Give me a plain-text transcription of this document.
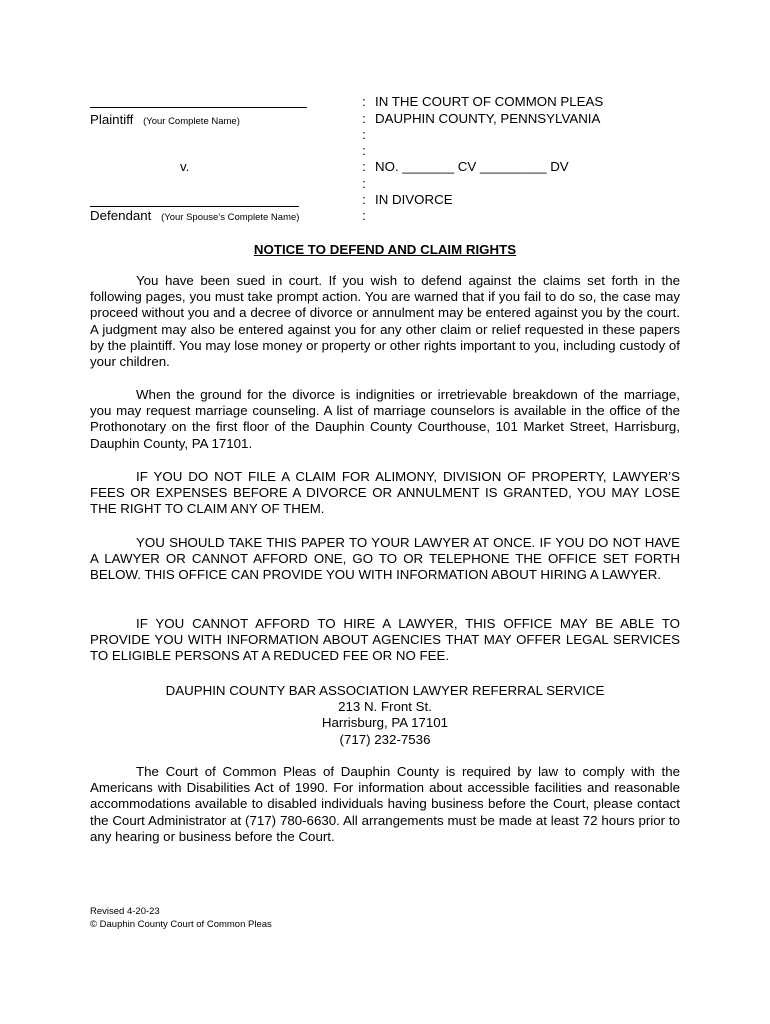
Plaintiff (Your Complete Name)
v.
Defendant (Your Spouse’s Complete Name)
:
:
:
:
:
:
:
:
IN THE COURT OF COMMON PLEAS
DAUPHIN COUNTY, PENNSYLVANIA
NO. _______ CV _________ DV
IN DIVORCE
NOTICE TO DEFEND AND CLAIM RIGHTS
You have been sued in court. If you wish to defend against the claims set forth in the following pages, you must take prompt action. You are warned that if you fail to do so, the case may proceed without you and a decree of divorce or annulment may be entered against you by the court. A judgment may also be entered against you for any other claim or relief requested in these papers by the plaintiff. You may lose money or property or other rights important to you, including custody of your children.
When the ground for the divorce is indignities or irretrievable breakdown of the marriage, you may request marriage counseling. A list of marriage counselors is available in the office of the Prothonotary on the first floor of the Dauphin County Courthouse, 101 Market Street, Harrisburg, Dauphin County, PA 17101.
IF YOU DO NOT FILE A CLAIM FOR ALIMONY, DIVISION OF PROPERTY, LAWYER’S FEES OR EXPENSES BEFORE A DIVORCE OR ANNULMENT IS GRANTED, YOU MAY LOSE THE RIGHT TO CLAIM ANY OF THEM.
YOU SHOULD TAKE THIS PAPER TO YOUR LAWYER AT ONCE. IF YOU DO NOT HAVE A LAWYER OR CANNOT AFFORD ONE, GO TO OR TELEPHONE THE OFFICE SET FORTH BELOW. THIS OFFICE CAN PROVIDE YOU WITH INFORMATION ABOUT HIRING A LAWYER.
IF YOU CANNOT AFFORD TO HIRE A LAWYER, THIS OFFICE MAY BE ABLE TO PROVIDE YOU WITH INFORMATION ABOUT AGENCIES THAT MAY OFFER LEGAL SERVICES TO ELIGIBLE PERSONS AT A REDUCED FEE OR NO FEE.
DAUPHIN COUNTY BAR ASSOCIATION LAWYER REFERRAL SERVICE
213 N. Front St.
Harrisburg, PA 17101
(717) 232-7536
The Court of Common Pleas of Dauphin County is required by law to comply with the Americans with Disabilities Act of 1990. For information about accessible facilities and reasonable accommodations available to disabled individuals having business before the Court, please contact the Court Administrator at (717) 780-6630. All arrangements must be made at least 72 hours prior to any hearing or business before the Court.
Revised 4-20-23
© Dauphin County Court of Common Pleas
